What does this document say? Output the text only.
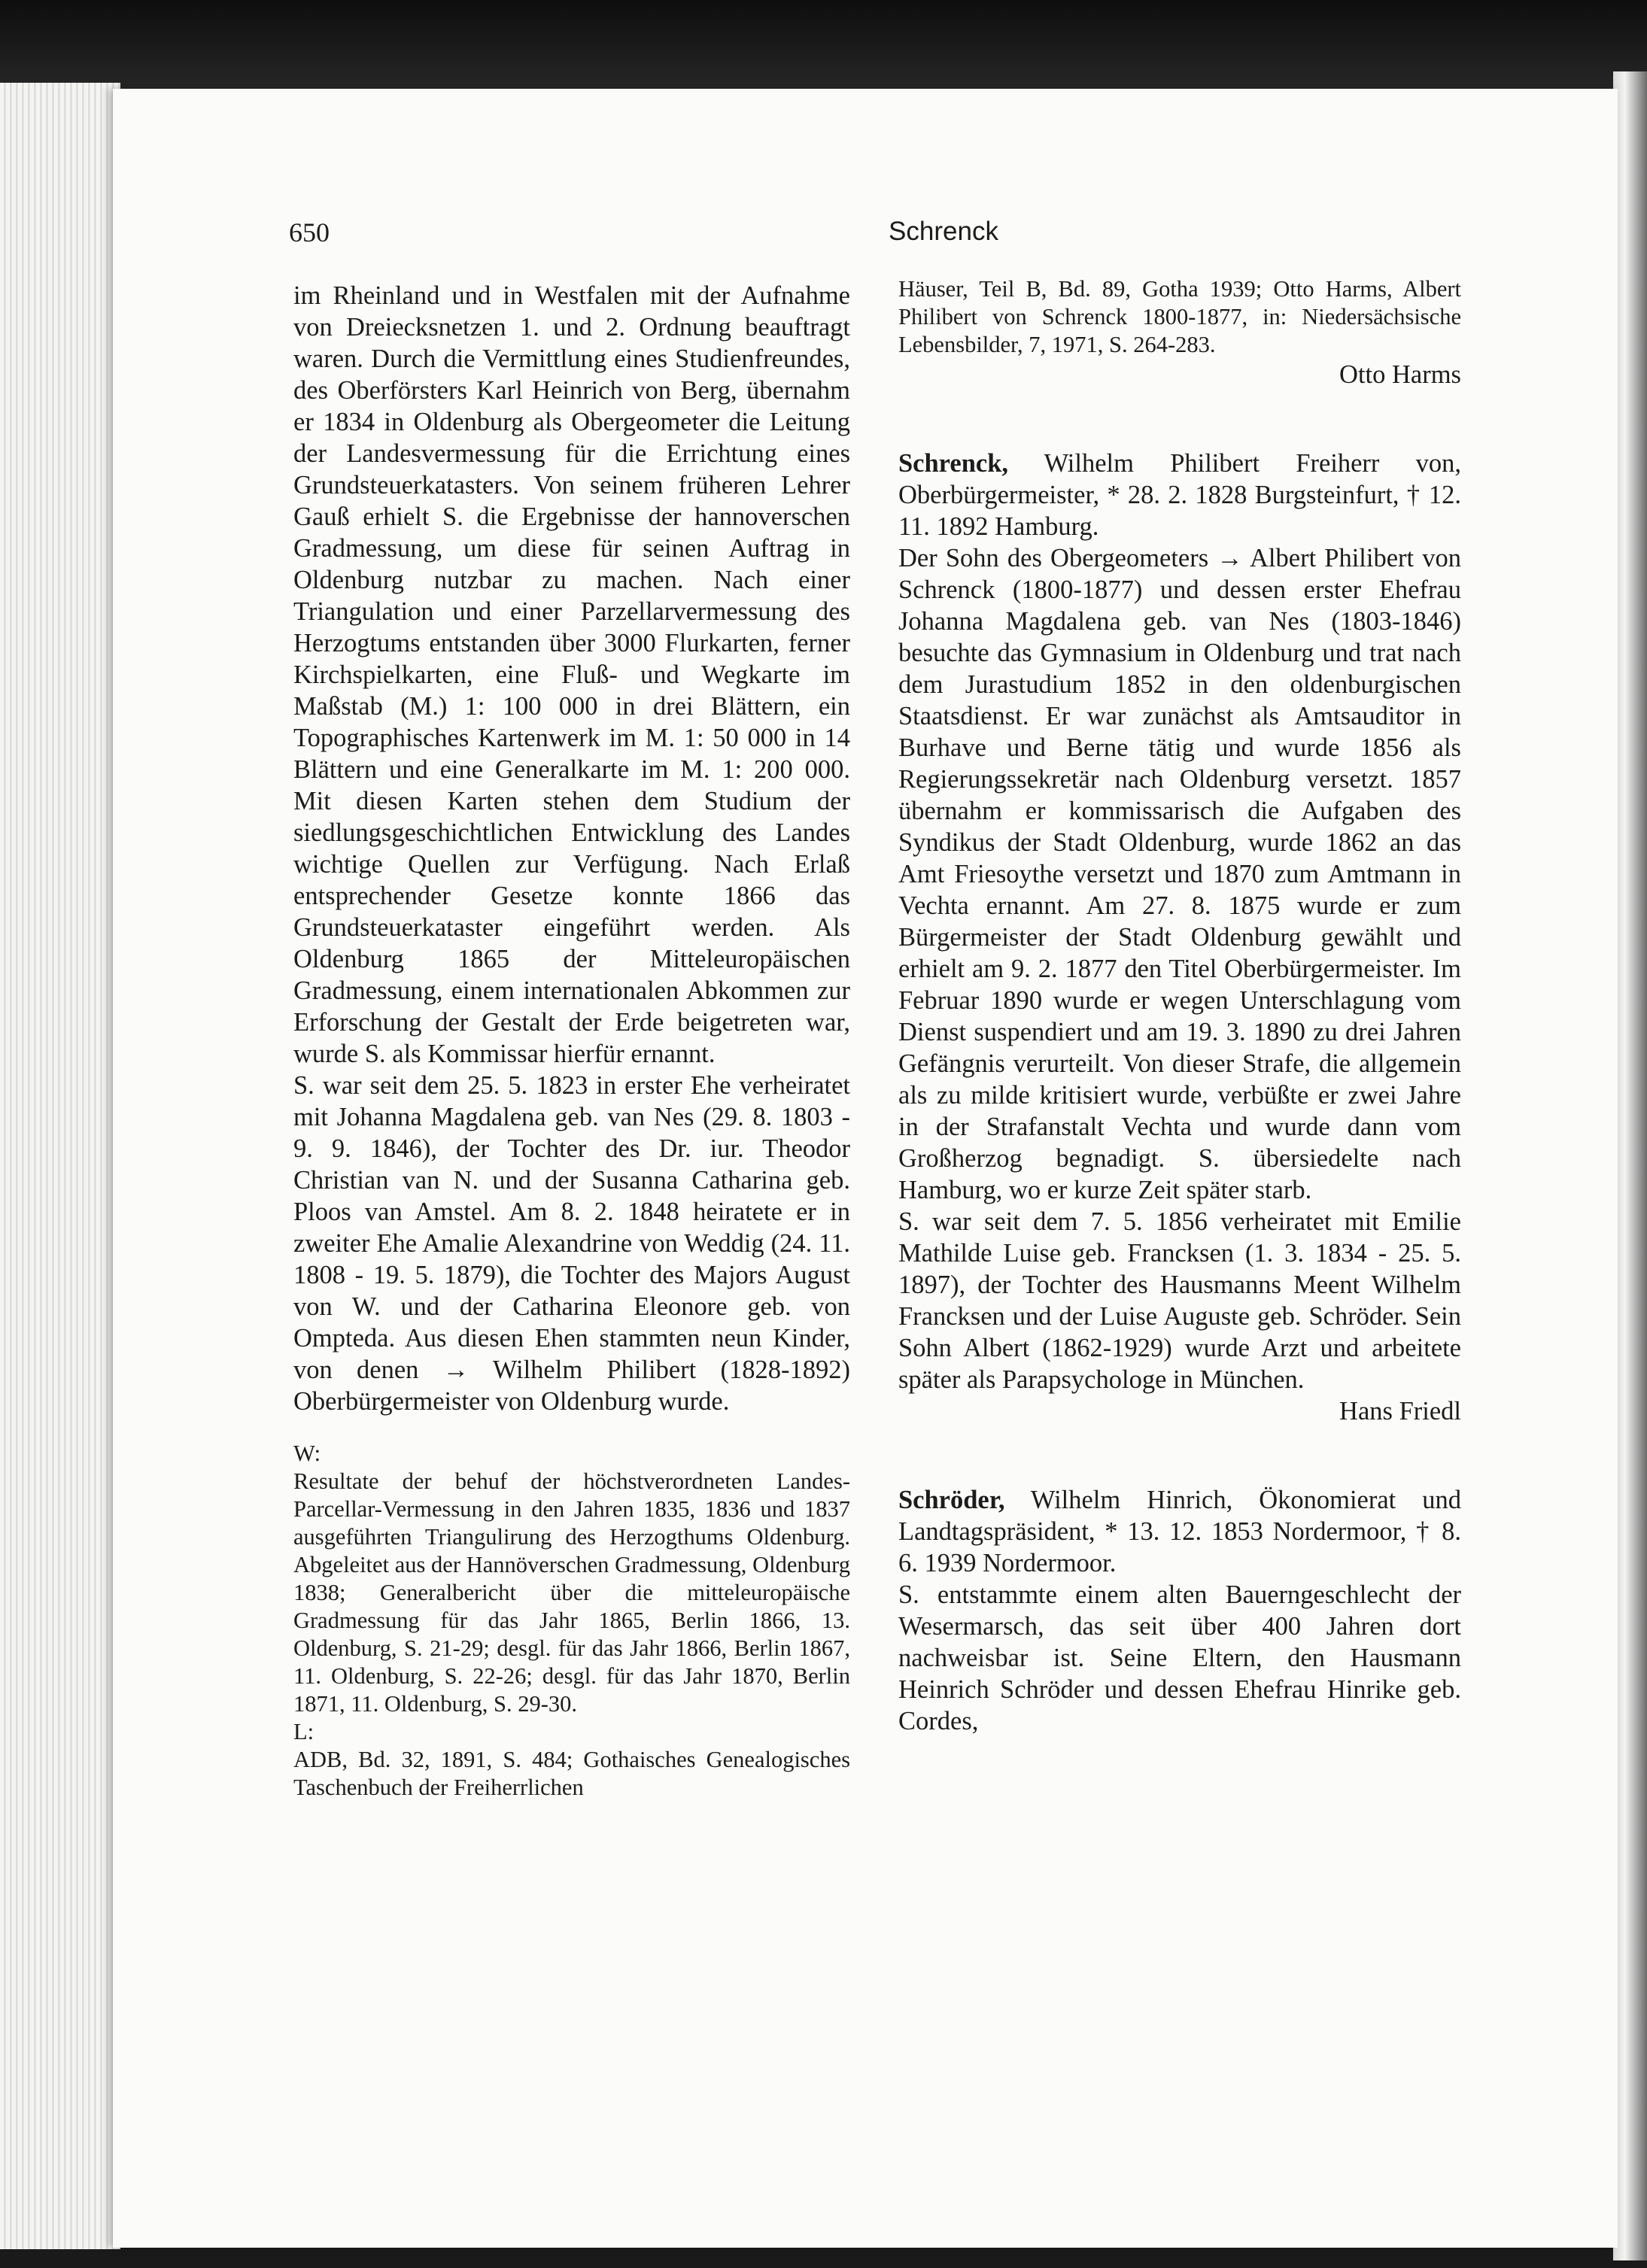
650	Schrenck

im Rheinland und in Westfalen mit der Aufnahme von Dreiecksnetzen 1. und 2. Ordnung beauftragt waren. Durch die Vermittlung eines Studienfreundes, des Oberförsters Karl Heinrich von Berg, übernahm er 1834 in Oldenburg als Obergeometer die Leitung der Landesvermessung für die Errichtung eines Grundsteuerkatasters. Von seinem früheren Lehrer Gauß erhielt S. die Ergebnisse der hannoverschen Gradmessung, um diese für seinen Auftrag in Oldenburg nutzbar zu machen. Nach einer Triangulation und einer Parzellarvermessung des Herzogtums entstanden über 3000 Flurkarten, ferner Kirchspielkarten, eine Fluß- und Wegkarte im Maßstab (M.) 1: 100 000 in drei Blättern, ein Topographisches Kartenwerk im M. 1: 50 000 in 14 Blättern und eine Generalkarte im M. 1: 200 000. Mit diesen Karten stehen dem Studium der siedlungsgeschichtlichen Entwicklung des Landes wichtige Quellen zur Verfügung. Nach Erlaß entsprechender Gesetze konnte 1866 das Grundsteuerkataster eingeführt werden. Als Oldenburg 1865 der Mitteleuropäischen Gradmessung, einem internationalen Abkommen zur Erforschung der Gestalt der Erde beigetreten war, wurde S. als Kommissar hierfür ernannt.

S. war seit dem 25. 5. 1823 in erster Ehe verheiratet mit Johanna Magdalena geb. van Nes (29. 8. 1803 - 9. 9. 1846), der Tochter des Dr. iur. Theodor Christian van N. und der Susanna Catharina geb. Ploos van Amstel. Am 8. 2. 1848 heiratete er in zweiter Ehe Amalie Alexandrine von Weddig (24. 11. 1808 - 19. 5. 1879), die Tochter des Majors August von W. und der Catharina Eleonore geb. von Ompteda. Aus diesen Ehen stammten neun Kinder, von denen → Wilhelm Philibert (1828-1892) Oberbürgermeister von Oldenburg wurde.

W:

Resultate der behuf der höchstverordneten Landes-Parcellar-Vermessung in den Jahren 1835, 1836 und 1837 ausgeführten Triangulirung des Herzogthums Oldenburg. Abgeleitet aus der Hannöverschen Gradmessung, Oldenburg 1838; Generalbericht über die mitteleuropäische Gradmessung für das Jahr 1865, Berlin 1866, 13. Oldenburg, S. 21-29; desgl. für das Jahr 1866, Berlin 1867, 11. Oldenburg, S. 22-26; desgl. für das Jahr 1870, Berlin 1871, 11. Oldenburg, S. 29-30.

L:

ADB, Bd. 32, 1891, S. 484; Gothaisches Genealogisches Taschenbuch der Freiherrlichen

Häuser, Teil B, Bd. 89, Gotha 1939; Otto Harms, Albert Philibert von Schrenck 1800-1877, in: Niedersächsische Lebensbilder, 7, 1971, S. 264-283.

Otto Harms

Schrenck, Wilhelm Philibert Freiherr von, Oberbürgermeister, * 28. 2. 1828 Burgsteinfurt, † 12. 11. 1892 Hamburg.

Der Sohn des Obergeometers → Albert Philibert von Schrenck (1800-1877) und dessen erster Ehefrau Johanna Magdalena geb. van Nes (1803-1846) besuchte das Gymnasium in Oldenburg und trat nach dem Jurastudium 1852 in den oldenburgischen Staatsdienst. Er war zunächst als Amtsauditor in Burhave und Berne tätig und wurde 1856 als Regierungssekretär nach Oldenburg versetzt. 1857 übernahm er kommissarisch die Aufgaben des Syndikus der Stadt Oldenburg, wurde 1862 an das Amt Friesoythe versetzt und 1870 zum Amtmann in Vechta ernannt. Am 27. 8. 1875 wurde er zum Bürgermeister der Stadt Oldenburg gewählt und erhielt am 9. 2. 1877 den Titel Oberbürgermeister. Im Februar 1890 wurde er wegen Unterschlagung vom Dienst suspendiert und am 19. 3. 1890 zu drei Jahren Gefängnis verurteilt. Von dieser Strafe, die allgemein als zu milde kritisiert wurde, verbüßte er zwei Jahre in der Strafanstalt Vechta und wurde dann vom Großherzog begnadigt. S. übersiedelte nach Hamburg, wo er kurze Zeit später starb.

S. war seit dem 7. 5. 1856 verheiratet mit Emilie Mathilde Luise geb. Francksen (1. 3. 1834 - 25. 5. 1897), der Tochter des Hausmanns Meent Wilhelm Francksen und der Luise Auguste geb. Schröder. Sein Sohn Albert (1862-1929) wurde Arzt und arbeitete später als Parapsychologe in München.

Hans Friedl

Schröder, Wilhelm Hinrich, Ökonomierat und Landtagspräsident, * 13. 12. 1853 Nordermoor, † 8. 6. 1939 Nordermoor.

S. entstammte einem alten Bauerngeschlecht der Wesermarsch, das seit über 400 Jahren dort nachweisbar ist. Seine Eltern, den Hausmann Heinrich Schröder und dessen Ehefrau Hinrike geb. Cordes,
